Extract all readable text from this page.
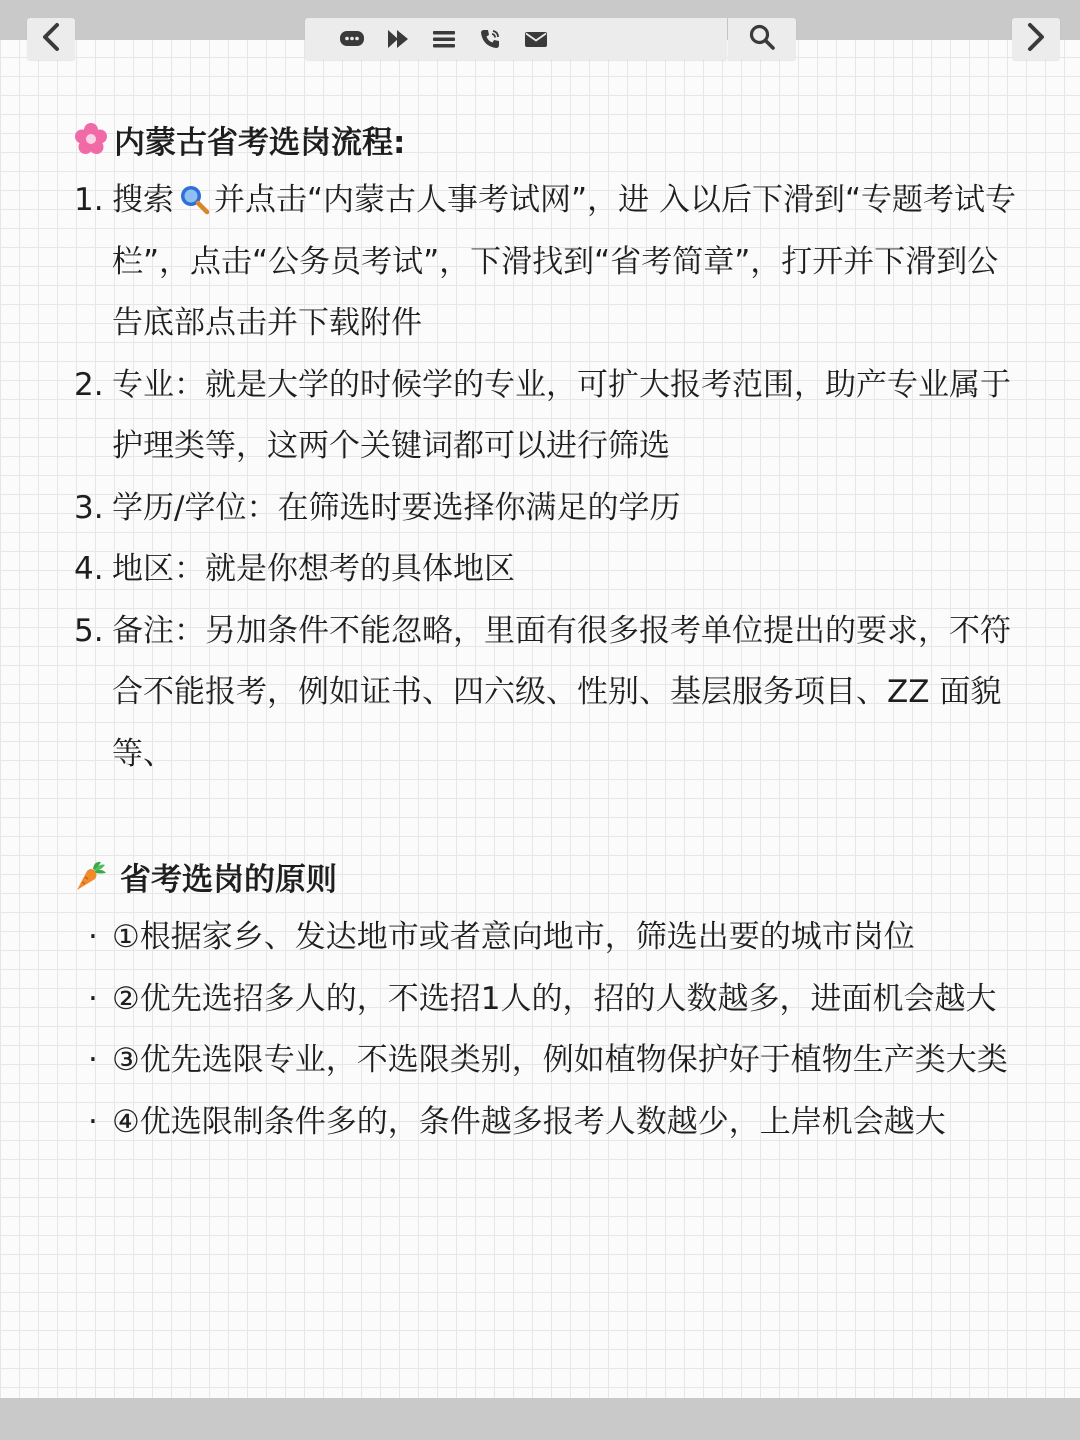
内蒙古省考选岗流程:
1. 搜索 并点击“内蒙古人事考试网”，进 入以后下滑到“专题考试专栏”，点击“公务员考试”，下滑找到“省考简章”，打开并下滑到公告底部点击并下载附件
2. 专业：就是大学的时候学的专业，可扩大报考范围，助产专业属于护理类等，这两个关键词都可以进行筛选
3. 学历/学位：在筛选时要选择你满足的学历
4. 地区：就是你想考的具体地区
5. 备注：另加条件不能忽略，里面有很多报考单位提出的要求，不符合不能报考，例如证书、四六级、性别、基层服务项目、ZZ 面貌等、
省考选岗的原则
· ①根据家乡、发达地市或者意向地市，筛选出要的城市岗位
· ②优先选招多人的，不选招1人的，招的人数越多，进面机会越大
· ③优先选限专业，不选限类别，例如植物保护好于植物生产类大类
· ④优选限制条件多的，条件越多报考人数越少，上岸机会越大
